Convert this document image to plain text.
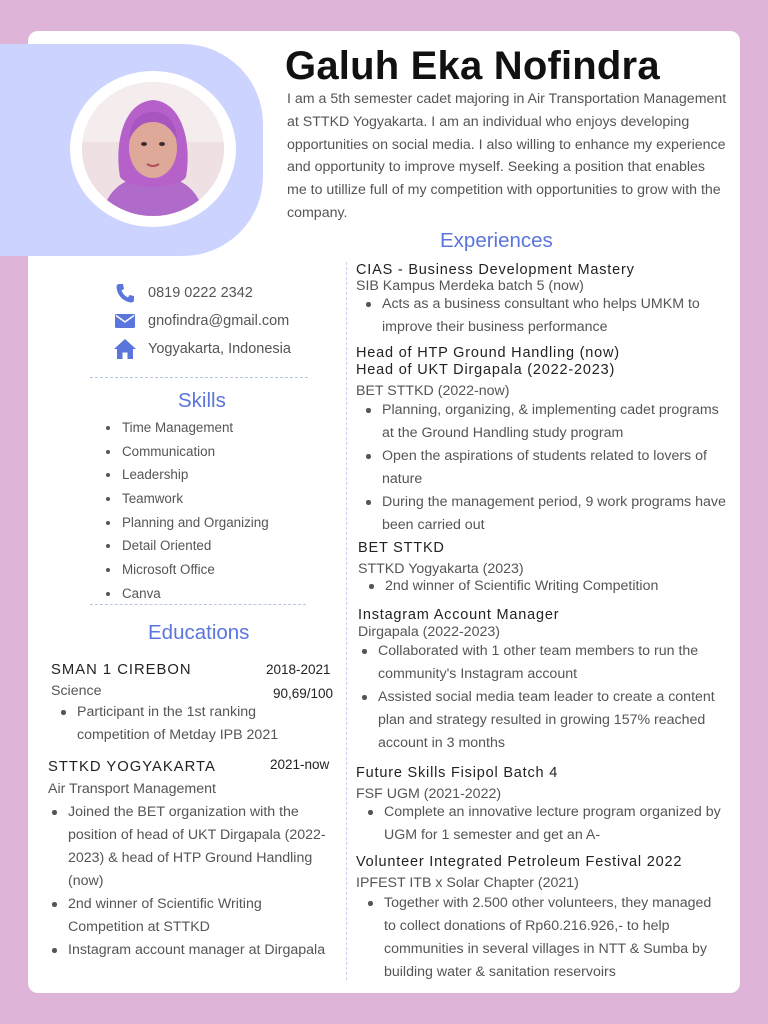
Galuh Eka Nofindra

I am a 5th semester cadet majoring in Air Transportation Management at STTKD Yogyakarta. I am an individual who enjoys developing opportunities on social media. I also willing to enhance my experience and opportunity to improve myself. Seeking a position that enables me to utillize full of my competition with opportunities to grow with the company.

0819 0222 2342
gnofindra@gmail.com
Yogyakarta, Indonesia
Skills
Time Management
Communication
Leadership
Teamwork
Planning and Organizing
Detail Oriented
Microsoft Office
Canva
Educations
SMAN 1 CIREBON	2018-2021
Science	90,69/100
Participant in the 1st ranking competition of Metday IPB 2021
STTKD YOGYAKARTA	2021-now
Air Transport Management
Joined the BET organization with the position of head of UKT Dirgapala (2022-2023) & head of HTP Ground Handling (now)
2nd winner of Scientific Writing Competition at STTKD
Instagram account manager at Dirgapala
Experiences
CIAS - Business Development Mastery
SIB Kampus Merdeka batch 5 (now)
Acts as a business consultant who helps UMKM to improve their business performance
Head of HTP Ground Handling (now)
Head of UKT Dirgapala (2022-2023)
BET STTKD (2022-now)
Planning, organizing, & implementing cadet programs at the Ground Handling study program
Open the aspirations of students related to lovers of nature
During the management period, 9 work programs have been carried out
BET STTKD
STTKD Yogyakarta (2023)
2nd winner of Scientific Writing Competition
Instagram Account Manager
Dirgapala (2022-2023)
Collaborated with 1 other team members to run the community's Instagram account
Assisted social media team leader to create a content plan and strategy resulted in growing 157% reached account in 3 months
Future Skills Fisipol Batch 4
FSF UGM (2021-2022)
Complete an innovative lecture program organized by UGM for 1 semester and get an A-
Volunteer Integrated Petroleum Festival 2022
IPFEST ITB x Solar Chapter (2021)
Together with 2.500 other volunteers, they managed to collect donations of Rp60.216.926,- to help communities in several villages in NTT & Sumba by building water & sanitation reservoirs
